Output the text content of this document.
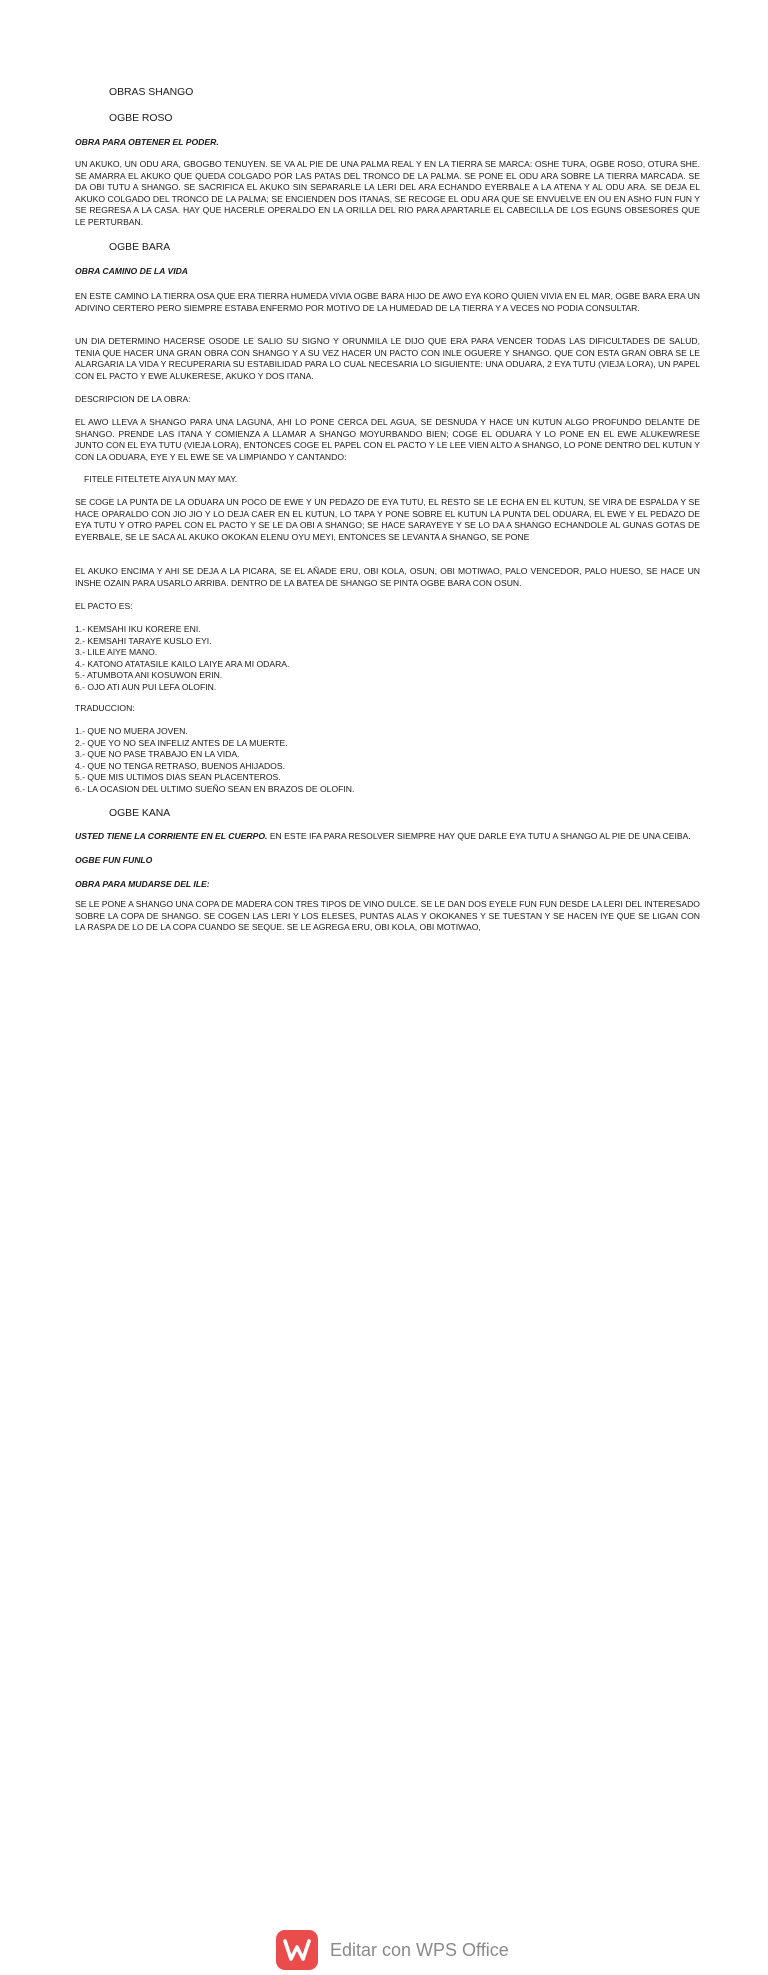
OBRAS SHANGO
OGBE ROSO
OBRA PARA OBTENER EL PODER.
UN AKUKO, UN ODU ARA, GBOGBO TENUYEN. SE VA AL PIE DE UNA PALMA REAL Y EN LA TIERRA SE MARCA: OSHE TURA, OGBE ROSO, OTURA SHE. SE AMARRA EL AKUKO QUE QUEDA COLGADO POR LAS PATAS DEL TRONCO DE LA PALMA. SE PONE EL ODU ARA SOBRE LA TIERRA MARCADA. SE DA OBI TUTU A SHANGO. SE SACRIFICA EL AKUKO SIN SEPARARLE LA LERI DEL ARA ECHANDO EYERBALE A LA ATENA Y AL ODU ARA. SE DEJA EL AKUKO COLGADO DEL TRONCO DE LA PALMA; SE ENCIENDEN DOS ITANAS, SE RECOGE EL ODU ARA QUE SE ENVUELVE EN OU EN ASHO FUN FUN Y SE REGRESA A LA CASA. HAY QUE HACERLE OPERALDO EN LA ORILLA DEL RIO PARA APARTARLE EL CABECILLA DE LOS EGUNS OBSESORES QUE LE PERTURBAN.
OGBE BARA
OBRA CAMINO DE LA VIDA
EN ESTE CAMINO LA TIERRA OSA QUE ERA TIERRA HUMEDA VIVIA OGBE BARA HIJO DE AWO EYA KORO QUIEN VIVIA EN EL MAR, OGBE BARA ERA UN ADIVINO CERTERO PERO SIEMPRE ESTABA ENFERMO POR MOTIVO DE LA HUMEDAD DE LA TIERRA Y A VECES NO PODIA CONSULTAR.
UN DIA DETERMINO HACERSE OSODE LE SALIO SU SIGNO Y ORUNMILA LE DIJO QUE ERA PARA VENCER TODAS LAS DIFICULTADES DE SALUD, TENIA QUE HACER UNA GRAN OBRA CON SHANGO Y A SU VEZ HACER UN PACTO CON INLE OGUERE Y SHANGO. QUE CON ESTA GRAN OBRA SE LE ALARGARIA LA VIDA Y RECUPERARIA SU ESTABILIDAD PARA LO CUAL NECESARIA LO SIGUIENTE: UNA ODUARA, 2 EYA TUTU (VIEJA LORA), UN PAPEL CON EL PACTO Y EWE ALUKERESE, AKUKO Y DOS ITANA.
DESCRIPCION DE LA OBRA:
EL AWO LLEVA A SHANGO PARA UNA LAGUNA, AHI LO PONE CERCA DEL AGUA, SE DESNUDA Y HACE UN KUTUN ALGO PROFUNDO DELANTE DE SHANGO. PRENDE LAS ITANA Y COMIENZA A LLAMAR A SHANGO MOYURBANDO BIEN; COGE EL ODUARA Y LO PONE EN EL EWE ALUKEWRESE JUNTO CON EL EYA TUTU (VIEJA LORA), ENTONCES COGE EL PAPEL CON EL PACTO Y LE LEE VIEN ALTO A SHANGO, LO PONE DENTRO DEL KUTUN Y CON LA ODUARA, EYE Y EL EWE SE VA LIMPIANDO Y CANTANDO:
FITELE FITELTETE AIYA UN MAY MAY.
SE COGE LA PUNTA DE LA ODUARA UN POCO DE EWE Y UN PEDAZO DE EYA TUTU, EL RESTO SE LE ECHA EN EL KUTUN, SE VIRA DE ESPALDA Y SE HACE OPARALDO CON JIO JIO Y LO DEJA CAER EN EL KUTUN, LO TAPA Y PONE SOBRE EL KUTUN LA PUNTA DEL ODUARA, EL EWE Y EL PEDAZO DE EYA TUTU Y OTRO PAPEL CON EL PACTO Y SE LE DA OBI A SHANGO; SE HACE SARAYEYE Y SE LO DA A SHANGO ECHANDOLE AL GUNAS GOTAS DE EYERBALE, SE LE SACA AL AKUKO OKOKAN ELENU OYU MEYI, ENTONCES SE LEVANTA A SHANGO, SE PONE
EL AKUKO ENCIMA Y AHI SE DEJA A LA PICARA, SE EL AÑADE ERU, OBI KOLA, OSUN, OBI MOTIWAO, PALO VENCEDOR, PALO HUESO, SE HACE UN INSHE OZAIN PARA USARLO ARRIBA. DENTRO DE LA BATEA DE SHANGO SE PINTA OGBE BARA CON OSUN.
EL PACTO ES:
1.- KEMSAHI IKU KORERE ENI.
2.- KEMSAHI TARAYE KUSLO EYI.
3.- LILE AIYE MANO.
4.- KATONO ATATASILE KAILO LAIYE ARA MI ODARA.
5.- ATUMBOTA ANI KOSUWON ERIN.
6.- OJO ATI AUN PUI LEFA OLOFIN.
TRADUCCION:
1.- QUE NO MUERA JOVEN.
2.- QUE YO NO SEA INFELIZ ANTES DE LA MUERTE.
3.- QUE NO PASE TRABAJO EN LA VIDA.
4.- QUE NO TENGA RETRASO, BUENOS AHIJADOS.
5.- QUE MIS ULTIMOS DIAS SEAN PLACENTEROS.
6.- LA OCASION DEL ULTIMO SUEÑO SEAN EN BRAZOS DE OLOFIN.
OGBE KANA
USTED TIENE LA CORRIENTE EN EL CUERPO. EN ESTE IFA PARA RESOLVER SIEMPRE HAY QUE DARLE EYA TUTU A SHANGO AL PIE DE UNA CEIBA.
OGBE FUN FUNLO
OBRA PARA MUDARSE DEL ILE:
SE LE PONE A SHANGO UNA COPA DE MADERA CON TRES TIPOS DE VINO DULCE. SE LE DAN DOS EYELE FUN FUN DESDE LA LERI DEL INTERESADO SOBRE LA COPA DE SHANGO. SE COGEN LAS LERI Y LOS ELESES, PUNTAS ALAS Y OKOKANES Y SE TUESTAN Y SE HACEN IYE QUE SE LIGAN CON LA RASPA DE LO DE LA COPA CUANDO SE SEQUE. SE LE AGREGA ERU, OBI KOLA, OBI MOTIWAO,
Editar con WPS Office
